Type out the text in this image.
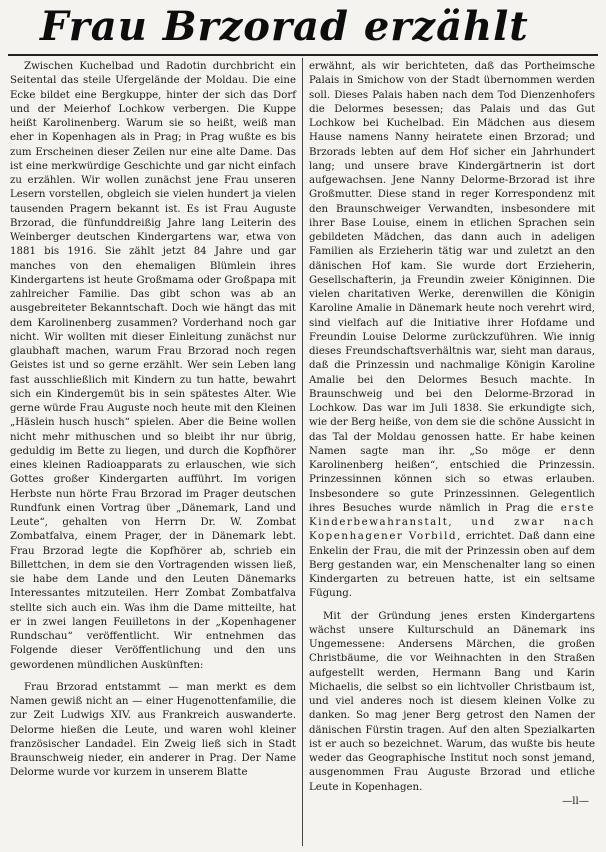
Frau Brzorad erzählt

Zwischen Kuchelbad und Radotin durchbricht ein Seitental das steile Ufergelände der Moldau. Die eine Ecke bildet eine Bergkuppe, hinter der sich das Dorf und der Meierhof Lochkow verbergen. Die Kuppe heißt Karolinenberg. Warum sie so heißt, weiß man eher in Kopenhagen als in Prag; in Prag wußte es bis zum Erscheinen dieser Zeilen nur eine alte Dame. Das ist eine merkwürdige Geschichte und gar nicht einfach zu erzählen. Wir wollen zunächst jene Frau unseren Lesern vorstellen, obgleich sie vielen hundert ja vielen tausenden Pragern bekannt ist. Es ist Frau Auguste Brzorad, die fünfunddreißig Jahre lang Leiterin des Weinberger deutschen Kindergartens war, etwa von 1881 bis 1916. Sie zählt jetzt 84 Jahre und gar manches von den ehemaligen Blümlein ihres Kindergartens ist heute Großmama oder Großpapa mit zahlreicher Familie. Das gibt schon was ab an ausgebreiteter Bekanntschaft. Doch wie hängt das mit dem Karolinenberg zusammen? Vorderhand noch gar nicht. Wir wollten mit dieser Einleitung zunächst nur glaubhaft machen, warum Frau Brzorad noch regen Geistes ist und so gerne erzählt. Wer sein Leben lang fast ausschließlich mit Kindern zu tun hatte, bewahrt sich ein Kindergemüt bis in sein spätestes Alter. Wie gerne würde Frau Auguste noch heute mit den Kleinen „Häslein husch husch“ spielen. Aber die Beine wollen nicht mehr mithuschen und so bleibt ihr nur übrig, geduldig im Bette zu liegen, und durch die Kopfhörer eines kleinen Radioapparats zu erlauschen, wie sich Gottes großer Kindergarten aufführt. Im vorigen Herbste nun hörte Frau Brzorad im Prager deutschen Rundfunk einen Vortrag über „Dänemark, Land und Leute“, gehalten von Herrn Dr. W. Zombat Zombatfalva, einem Prager, der in Dänemark lebt. Frau Brzorad legte die Kopfhörer ab, schrieb ein Billettchen, in dem sie den Vortragenden wissen ließ, sie habe dem Lande und den Leuten Dänemarks Interessantes mitzuteilen. Herr Zombat Zombatfalva stellte sich auch ein. Was ihm die Dame mitteilte, hat er in zwei langen Feuilletons in der „Kopenhagener Rundschau“ veröffentlicht. Wir entnehmen das Folgende dieser Veröffentlichung und den uns gewordenen mündlichen Auskünften:

Frau Brzorad entstammt — man merkt es dem Namen gewiß nicht an — einer Hugenottenfamilie, die zur Zeit Ludwigs XIV. aus Frankreich auswanderte. Delorme hießen die Leute, und waren wohl kleiner französischer Landadel. Ein Zweig ließ sich in Stadt Braunschweig nieder, ein anderer in Prag. Der Name Delorme wurde vor kurzem in unserem Blatte

erwähnt, als wir berichteten, daß das Portheimsche Palais in Smichow von der Stadt übernommen werden soll. Dieses Palais haben nach dem Tod Dienzenhofers die Delormes besessen; das Palais und das Gut Lochkow bei Kuchelbad. Ein Mädchen aus diesem Hause namens Nanny heiratete einen Brzorad; und Brzorads lebten auf dem Hof sicher ein Jahrhundert lang; und unsere brave Kindergärtnerin ist dort aufgewachsen. Jene Nanny Delorme-Brzorad ist ihre Großmutter. Diese stand in reger Korrespondenz mit den Braunschweiger Verwandten, insbesondere mit ihrer Base Louise, einem in etlichen Sprachen sein gebildeten Mädchen, das dann auch in adeligen Familien als Erzieherin tätig war und zuletzt an den dänischen Hof kam. Sie wurde dort Erzieherin, Gesellschafterin, ja Freundin zweier Königinnen. Die vielen charitativen Werke, derenwillen die Königin Karoline Amalie in Dänemark heute noch verehrt wird, sind vielfach auf die Initiative ihrer Hofdame und Freundin Louise Delorme zurückzuführen. Wie innig dieses Freundschaftsverhältnis war, sieht man daraus, daß die Prinzessin und nachmalige Königin Karoline Amalie bei den Delormes Besuch machte. In Braunschweig und bei den Delorme-Brzorad in Lochkow. Das war im Juli 1838. Sie erkundigte sich, wie der Berg heiße, von dem sie die schöne Aussicht in das Tal der Moldau genossen hatte. Er habe keinen Namen sagte man ihr. „So möge er denn Karolinenberg heißen“, entschied die Prinzessin. Prinzessinnen können sich so etwas erlauben. Insbesondere so gute Prinzessinnen. Gelegentlich ihres Besuches wurde nämlich in Prag die erste Kinderbewahranstalt, und zwar nach Kopenhagener Vorbild, errichtet. Daß dann eine Enkelin der Frau, die mit der Prinzessin oben auf dem Berg gestanden war, ein Menschenalter lang so einen Kindergarten zu betreuen hatte, ist ein seltsame Fügung.

Mit der Gründung jenes ersten Kindergartens wächst unsere Kulturschuld an Dänemark ins Ungemessene: Andersens Märchen, die großen Christbäume, die vor Weihnachten in den Straßen aufgestellt werden, Hermann Bang und Karin Michaelis, die selbst so ein lichtvoller Christbaum ist, und viel anderes noch ist diesem kleinen Volke zu danken. So mag jener Berg getrost den Namen der dänischen Fürstin tragen. Auf den alten Spezialkarten ist er auch so bezeichnet. Warum, das wußte bis heute weder das Geographische Institut noch sonst jemand, ausgenommen Frau Auguste Brzorad und etliche Leute in Kopenhagen.

—ll—
